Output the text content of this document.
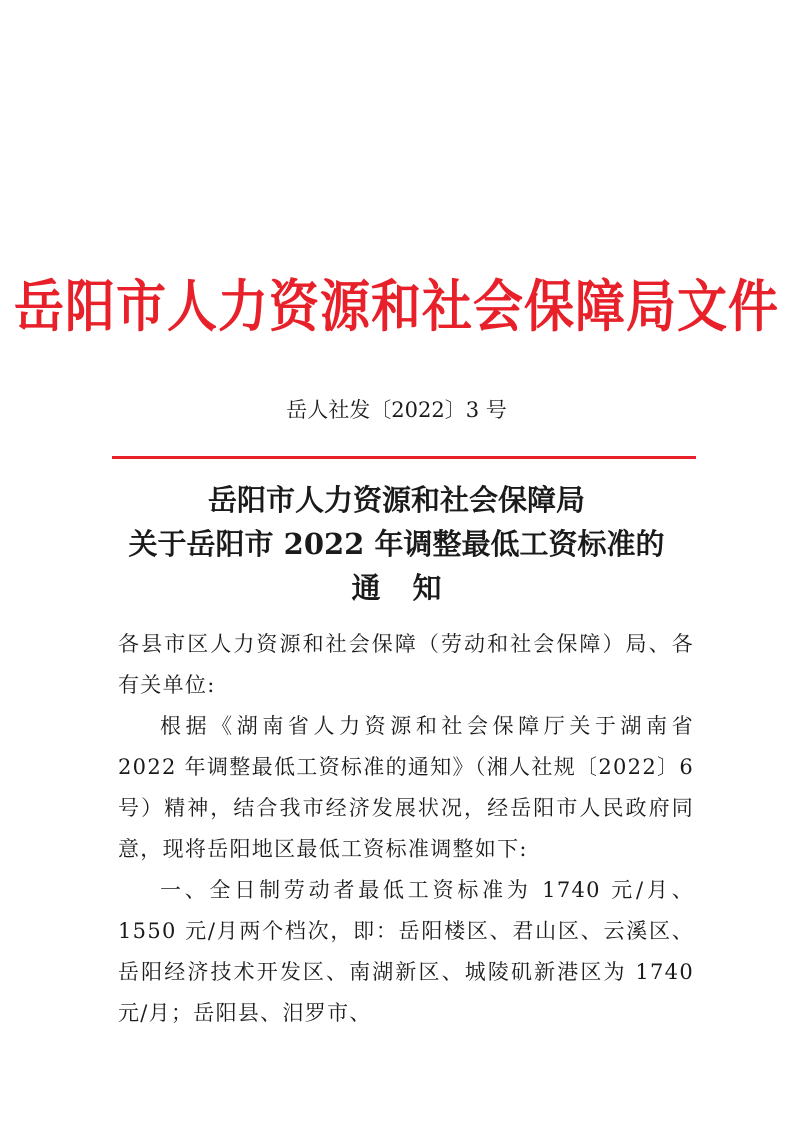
岳阳市人力资源和社会保障局文件
岳人社发〔2022〕3 号
岳阳市人力资源和社会保障局
关于岳阳市 2022 年调整最低工资标准的
通知

各县市区人力资源和社会保障（劳动和社会保障）局、各有关单位:

根据《湖南省人力资源和社会保障厅关于湖南省 2022 年调整最低工资标准的通知》（湘人社规〔2022〕6 号）精神，结合我市经济发展状况，经岳阳市人民政府同意，现将岳阳地区最低工资标准调整如下:

一、全日制劳动者最低工资标准为 1740 元/月、1550 元/月两个档次，即：岳阳楼区、君山区、云溪区、岳阳经济技术开发区、南湖新区、城陵矶新港区为 1740 元/月；岳阳县、汨罗市、
